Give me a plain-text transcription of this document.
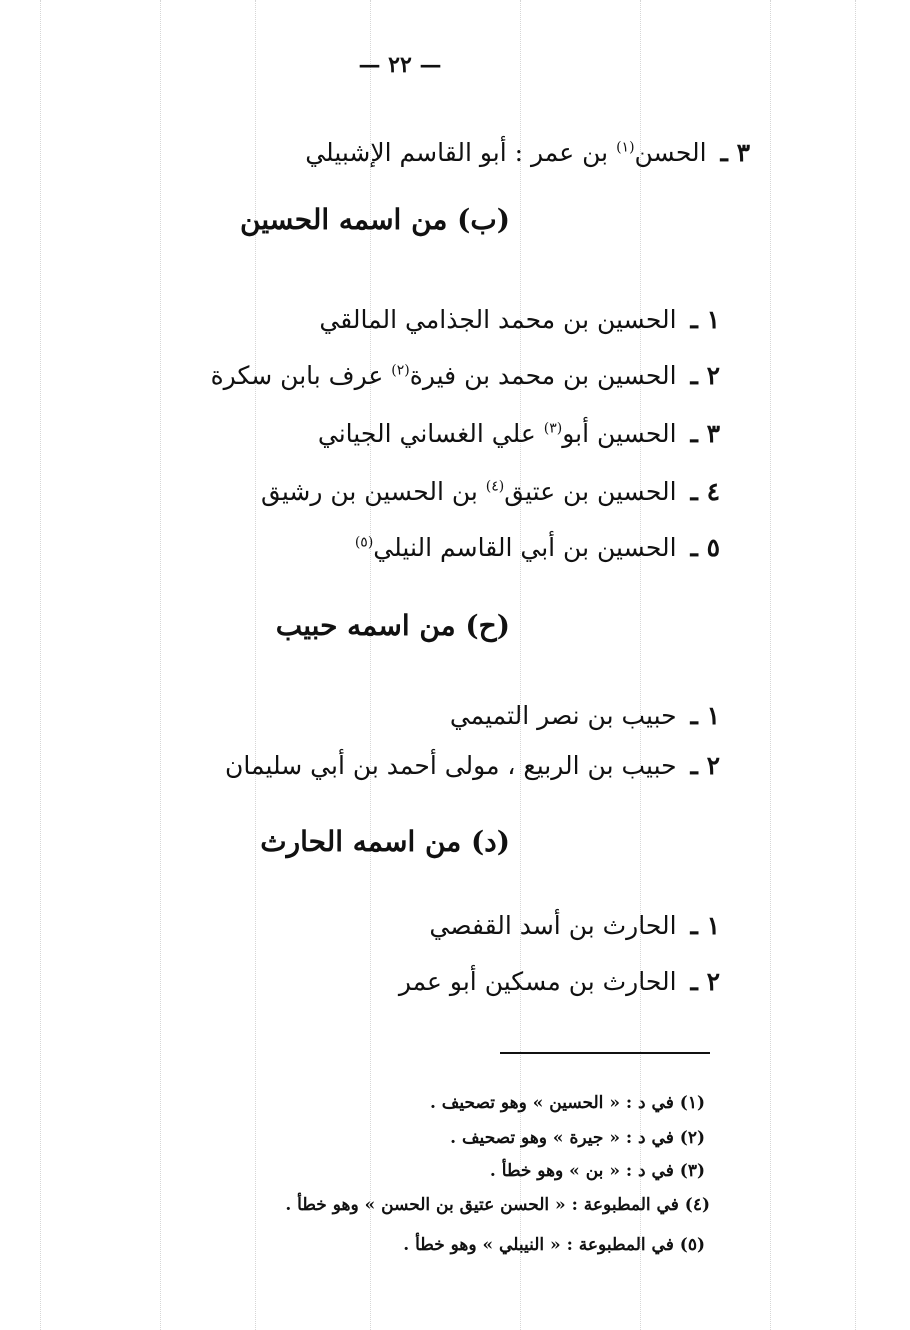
— ٢٢ —
٣ ـ الحسن$^{(١)}$ بن عمر : أبو القاسم الإشبيلي
(ب) من اسمه الحسين
١ ـ الحسين بن محمد الجذامي المالقي
٢ ـ الحسين بن محمد بن فيرة$^{(٢)}$ عرف بابن سكرة
٣ ـ الحسين أبو$^{(٣)}$ علي الغساني الجياني
٤ ـ الحسين بن عتيق$^{(٤)}$ بن الحسين بن رشيق
٥ ـ الحسين بن أبي القاسم النيلي$^{(٥)}$
(ح) من اسمه حبيب
١ ـ حبيب بن نصر التميمي
٢ ـ حبيب بن الربيع ، مولى أحمد بن أبي سليمان
(د) من اسمه الحارث
١ ـ الحارث بن أسد القفصي
٢ ـ الحارث بن مسكين أبو عمر
(١) في د : « الحسين » وهو تصحيف .
(٢) في د : « جيرة » وهو تصحيف .
(٣) في د : « بن » وهو خطأ .
(٤) في المطبوعة : « الحسن عتيق بن الحسن » وهو خطأ .
(٥) في المطبوعة : « النيبلي » وهو خطأ .
